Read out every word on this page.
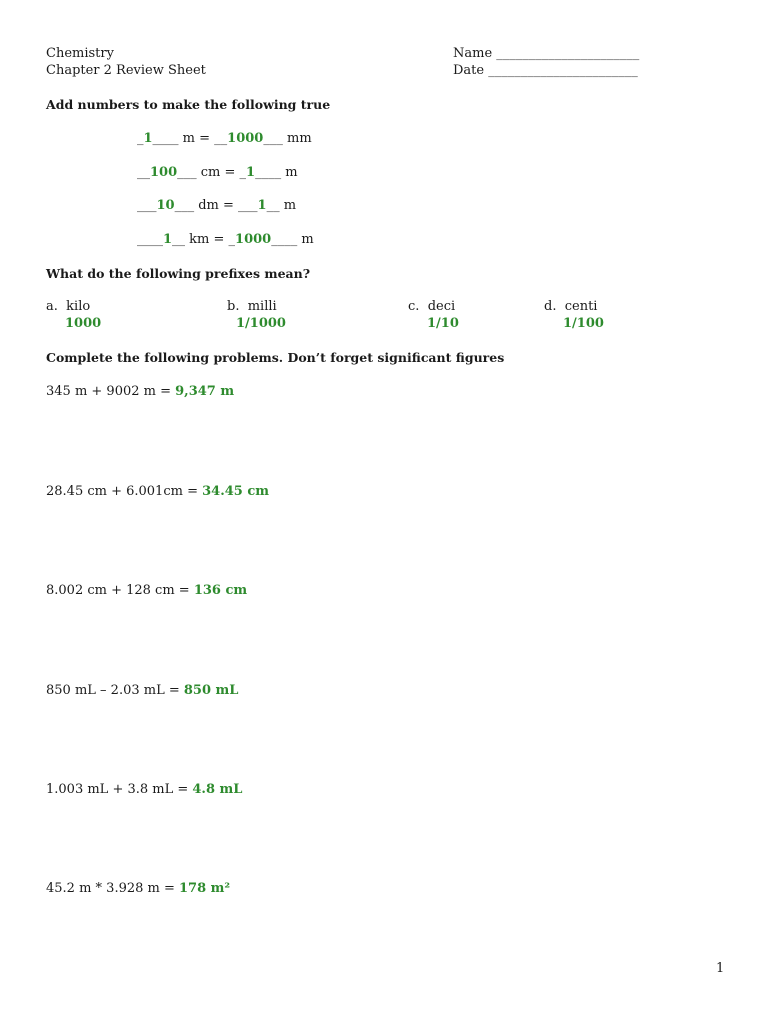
Chemistry
Chapter 2 Review Sheet
Name ______________________
Date _______________________
Add numbers to make the following true
_1____ m = __1000___ mm
__100___ cm = _1____ m
___10___ dm = ___1__ m
____1__ km = _1000____ m
What do the following prefixes mean?
a. kilo
1000
b. milli
1/1000
c. deci
1/10
d. centi
1/100
Complete the following problems. Don’t forget significant figures
345 m + 9002 m = 9,347 m
28.45 cm + 6.001cm = 34.45 cm
8.002 cm + 128 cm = 136 cm
850 mL – 2.03 mL = 850 mL
1.003 mL + 3.8 mL = 4.8 mL
45.2 m * 3.928 m = 178 m²
1
